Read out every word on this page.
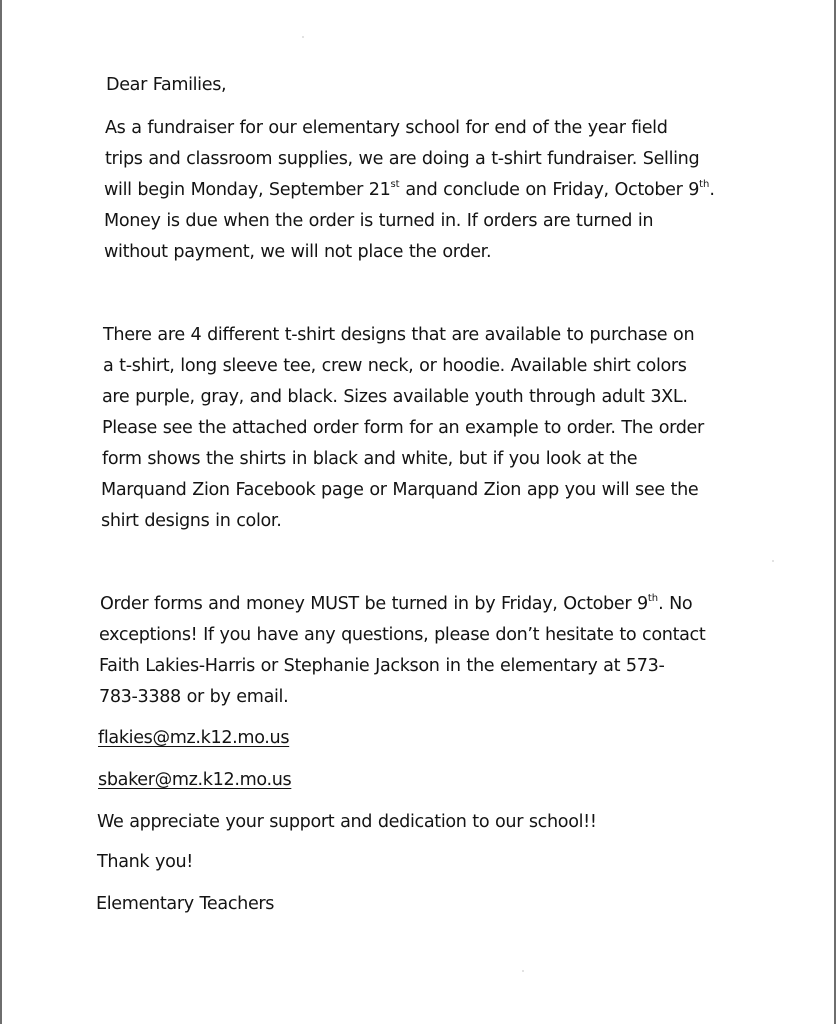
Dear Families,
As a fundraiser for our elementary school for end of the year field
trips and classroom supplies, we are doing a t-shirt fundraiser. Selling
will begin Monday, September 21st and conclude on Friday, October 9th.
Money is due when the order is turned in. If orders are turned in
without payment, we will not place the order.
There are 4 different t-shirt designs that are available to purchase on
a t-shirt, long sleeve tee, crew neck, or hoodie. Available shirt colors
are purple, gray, and black. Sizes available youth through adult 3XL.
Please see the attached order form for an example to order. The order
form shows the shirts in black and white, but if you look at the
Marquand Zion Facebook page or Marquand Zion app you will see the
shirt designs in color.
Order forms and money MUST be turned in by Friday, October 9th. No
exceptions! If you have any questions, please don’t hesitate to contact
Faith Lakies-Harris or Stephanie Jackson in the elementary at 573-
783-3388 or by email.
flakies@mz.k12.mo.us
sbaker@mz.k12.mo.us
We appreciate your support and dedication to our school!!
Thank you!
Elementary Teachers
